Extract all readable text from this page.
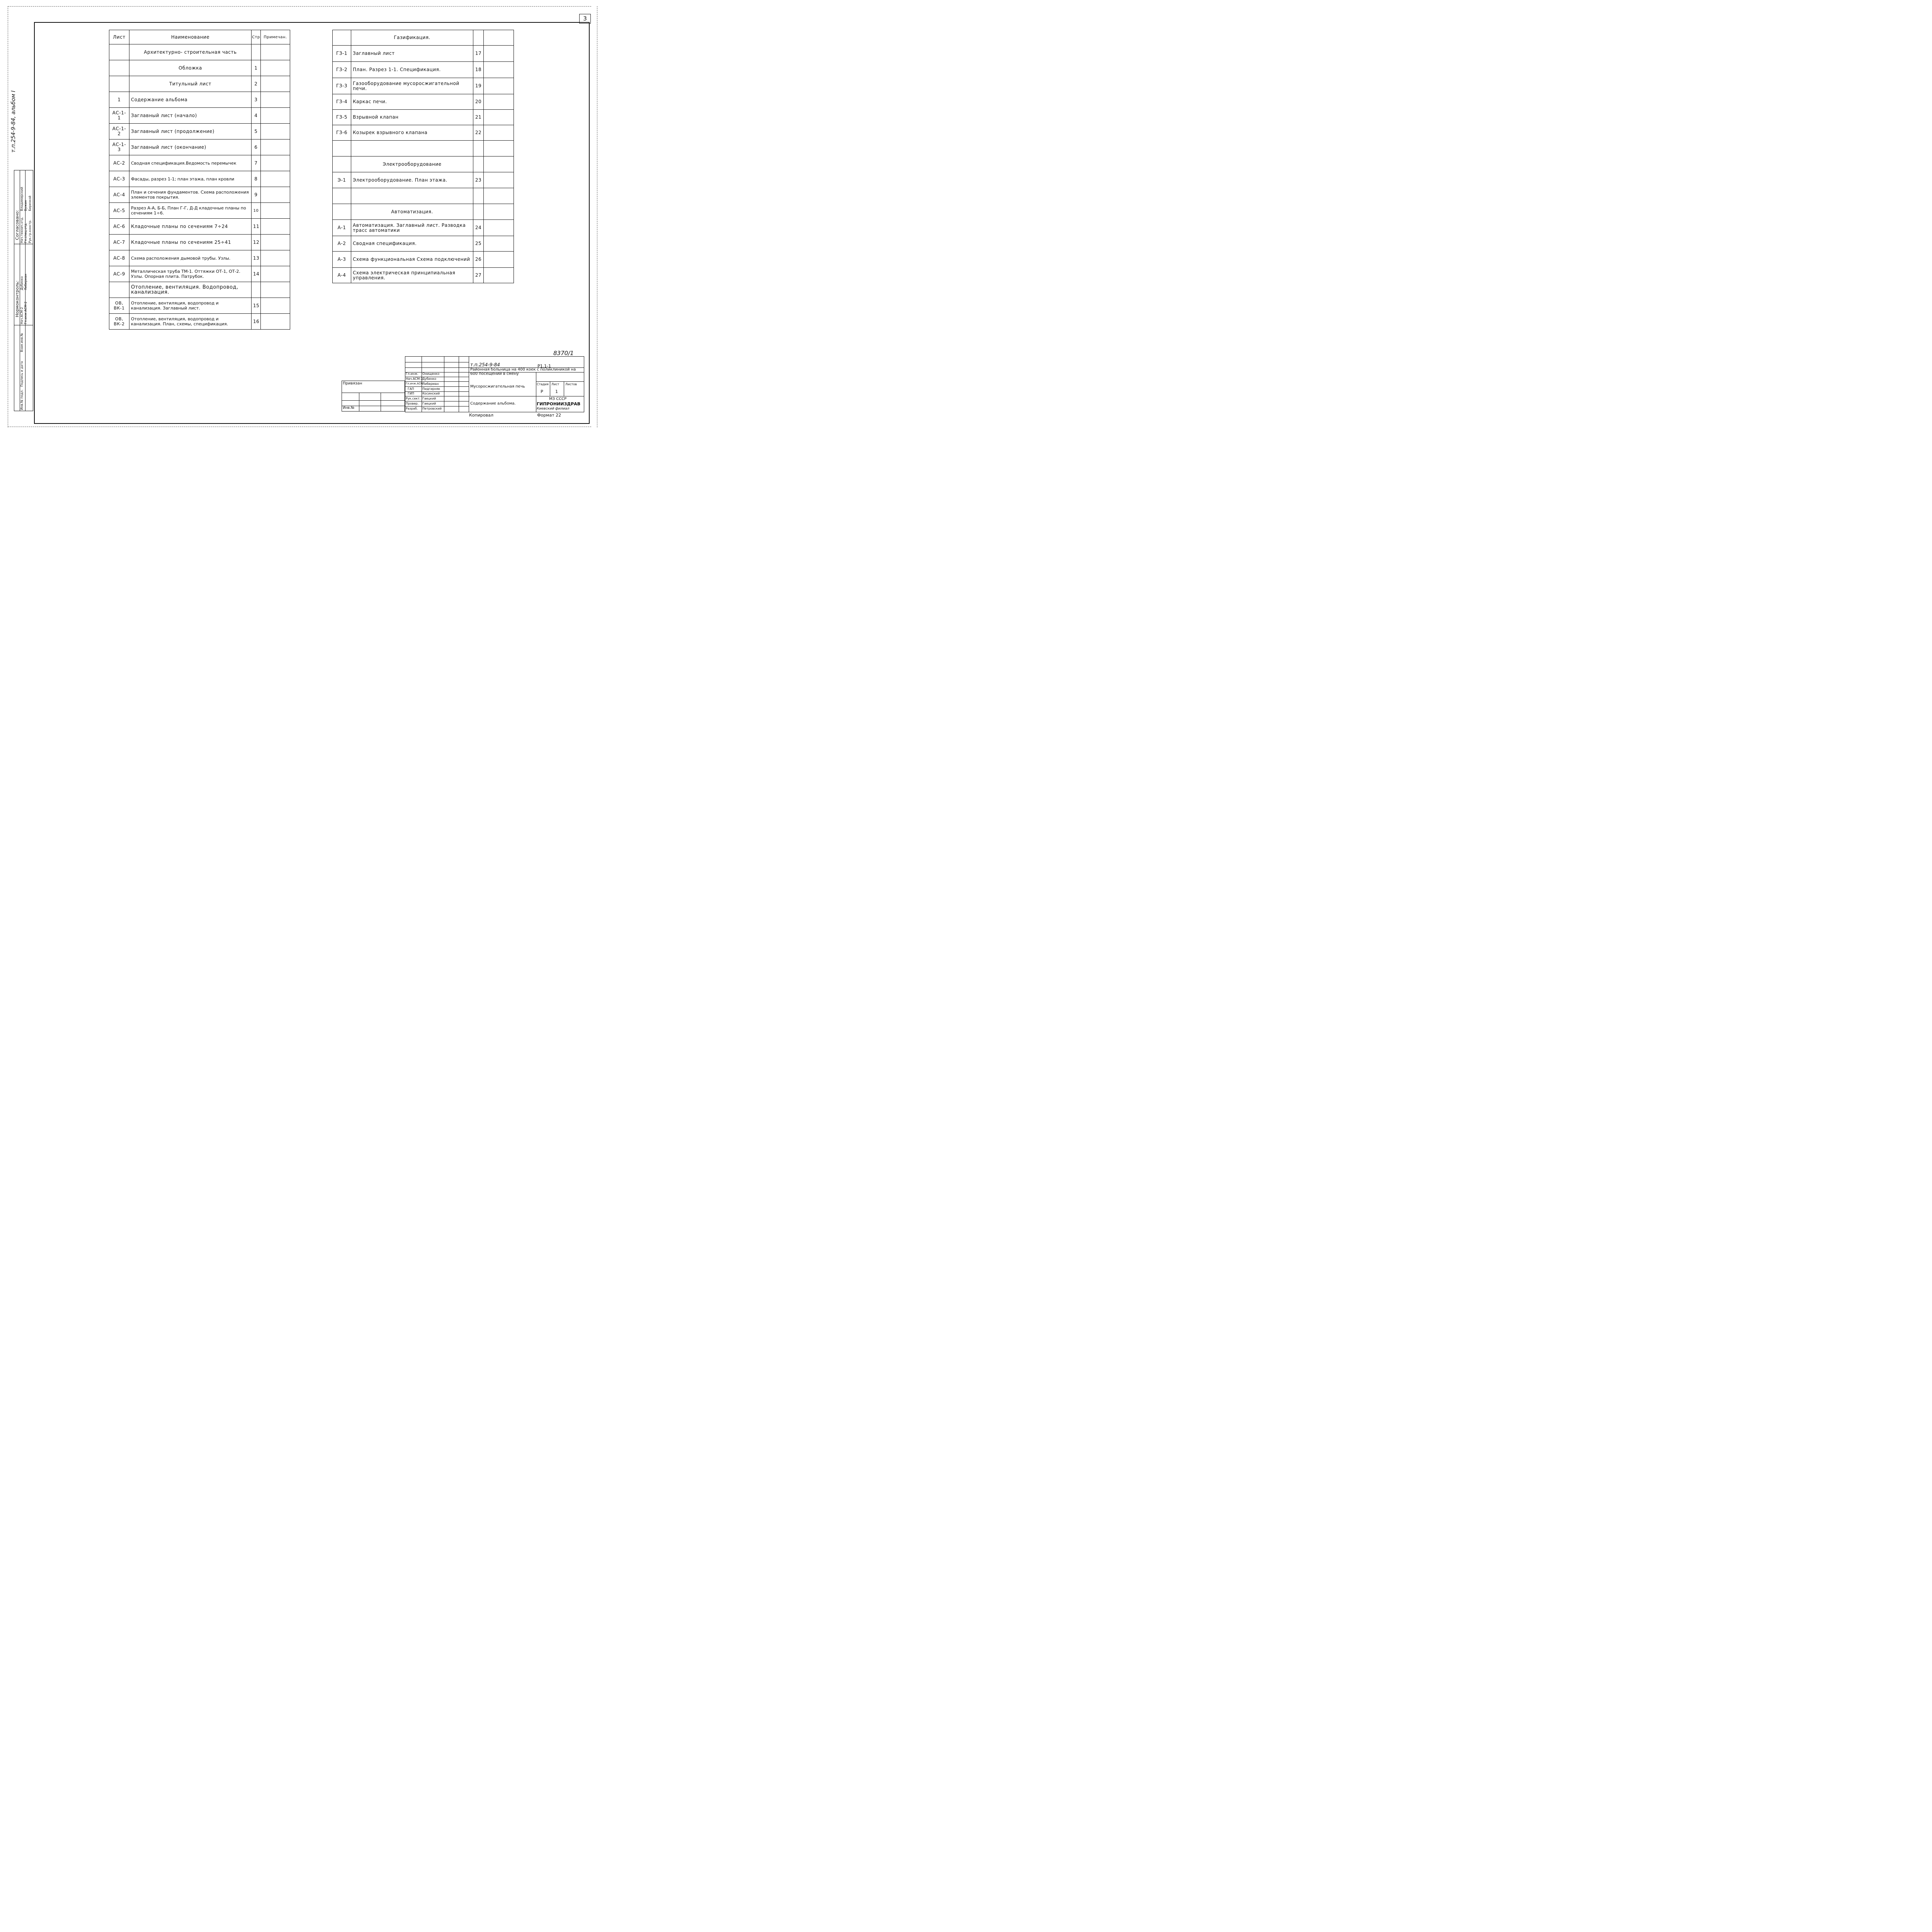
3
т.п.254-9-84, альбом I
Согласовано: Нач.технич.отд.
Владимирский
Гл.спец.отд.
Вужин
Рук.гр.констр.
Березкой
Нормоконтроль: Нач.АСМ-2
Дубинко
Гл.инж.АСМ-2
Либерман
Инв.№ подл.
Подпись и дата
Взам.инв.№
Лист	Наименование	Стр	Примечан.
	Архитектурно- строительная часть		
	Обложка	1	
	Титульный лист	2	
1	Содержание альбома	3	
АС-1-1	Заглавный лист (начало)	4	
АС-1-2	Заглавный лист (продолжение)	5	
АС-1-3	Заглавный лист (окончание)	6	
АС-2	Сводная спецификация.Ведомость перемычек	7	
АС-3	Фасады, разрез 1-1; план этажа, план кровли	8	
АС-4	План и сечения фундаментов. Схема расположения элементов покрытия.	9	
АС-5	Разрез А-А, Б-Б, План Г-Г, Д-Д кладочные планы по сечениям 1÷6.	10	
АС-6	Кладочные планы по сечениям 7÷24	11	
АС-7	Кладочные планы по сечениям 25÷41	12	
АС-8	Схема расположения дымовой трубы. Узлы.	13	
АС-9	Металлическая труба ТМ-1. Оттяжки ОТ-1, ОТ-2. Узлы. Опорная плита. Патрубок.	14	
	Отопление, вентиляция. Водопровод, канализация.		
ОВ, ВК-1	Отопление, вентиляция, водопровод и канализация. Заглавный лист.	15	
ОВ, ВК-2	Отопление, вентиляция, водопровод и канализация. План, схемы, спецификация.	16	
	Газификация.		
ГЗ-1	Заглавный лист	17	
ГЗ-2	План. Разрез 1-1. Спецификация.	18	
ГЗ-3	Газооборудование мусоросжигательной печи.	19	
ГЗ-4	Каркас печи.	20	
ГЗ-5	Взрывной клапан	21	
ГЗ-6	Козырек взрывного клапана	22	

	Электрооборудование		
Э-1	Электрооборудование. План этажа.	23	

	Автоматизация.		
А-1	Автоматизация. Заглавный лист. Разводка трасс автоматики	24	
А-2	Сводная спецификация.	25	
А-3	Схема функциональная Схема подключений	26	
А-4	Схема электрическая принципиальная управления.	27	
8370/1
Привязан
Инв.№
Гл.инж. Онищенко
Нач.АСМ-2
Дубинко
Гл.инж.АСМ
Либерман
ГАП	Пидгирняк
ГИП	Косинский
Рук.сект. Гаецкий
Провер. Гаецкий
Разраб. Петровский
т.п.254-9-84	Р1.1-1
Районная больница на 400 коек с поликлиникой на 600 посещений в смену
Мусоросжигательная печь
Стадия Лист Листов
Р	1
Содержание альбома.
МЗ СССР
ГИПРОНИИЗДРАВ
Киевский филиал
Копировал	Формат 22
